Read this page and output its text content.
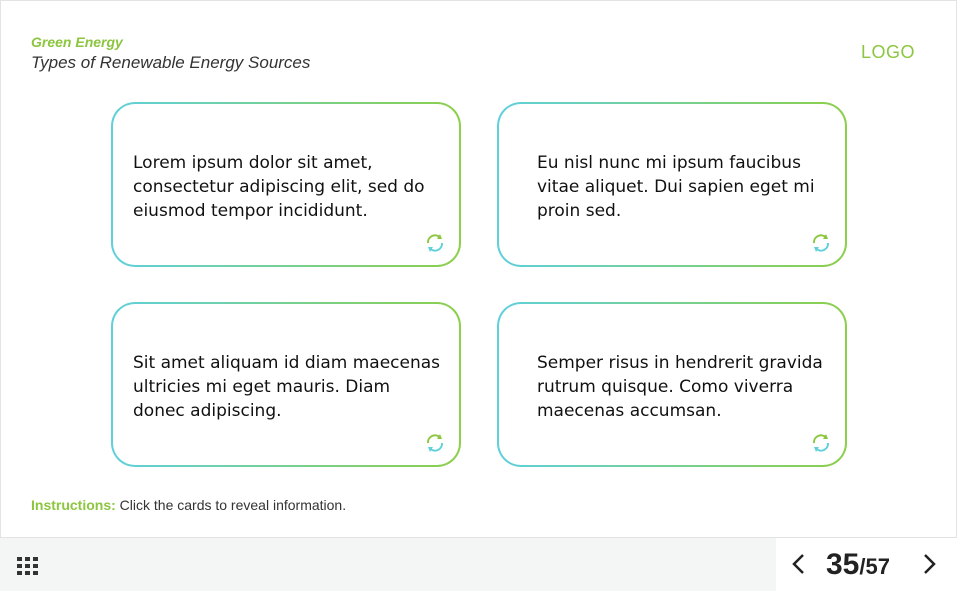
Green Energy
Types of Renewable Energy Sources
LOGO
Lorem ipsum dolor sit amet, consectetur adipiscing elit, sed do eiusmod tempor incididunt.
Eu nisl nunc mi ipsum faucibus vitae aliquet. Dui sapien eget mi proin sed.
Sit amet aliquam id diam maecenas ultricies mi eget mauris. Diam donec adipiscing.
Semper risus in hendrerit gravida rutrum quisque. Como viverra maecenas accumsan.
Instructions: Click the cards to reveal information.
35/57
